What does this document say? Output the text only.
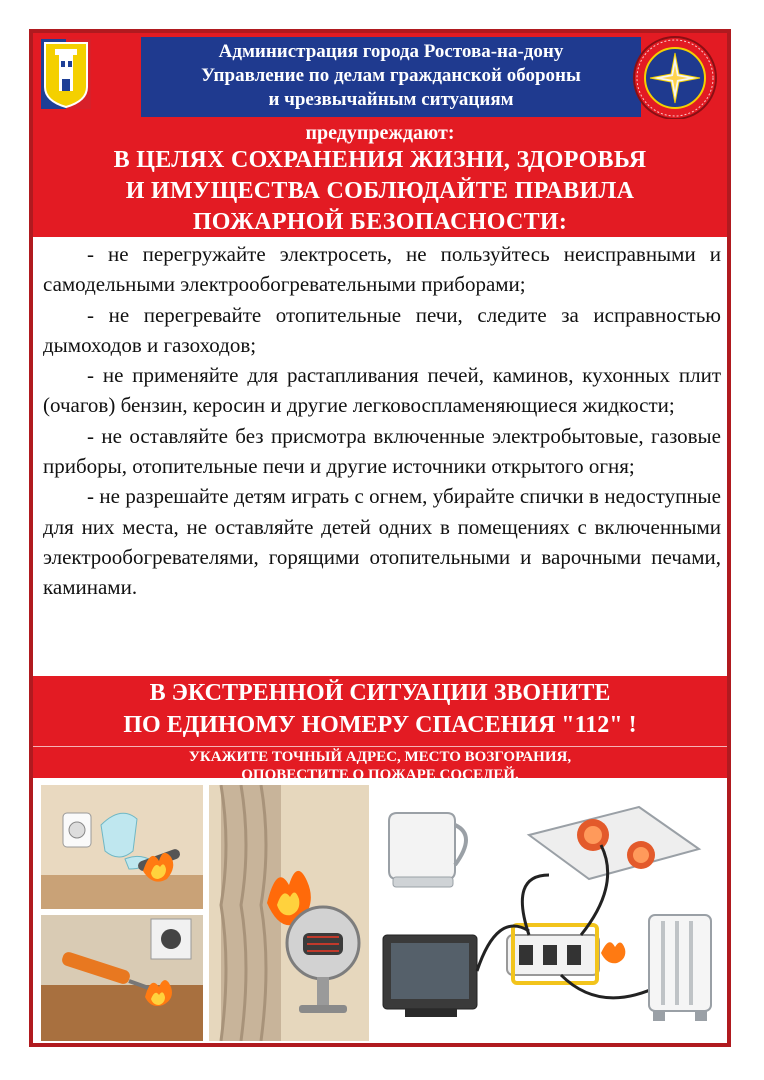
Администрация города Ростова-на-дону
Управление по делам гражданской обороны
и чрезвычайным ситуациям
предупреждают:
В ЦЕЛЯХ СОХРАНЕНИЯ ЖИЗНИ, ЗДОРОВЬЯ
И ИМУЩЕСТВА СОБЛЮДАЙТЕ ПРАВИЛА
ПОЖАРНОЙ БЕЗОПАСНОСТИ:

- не перегружайте электросеть, не пользуйтесь неисправными и самодельными электрообогревательными приборами;

- не перегревайте отопительные печи, следите за исправностью дымоходов и газоходов;

- не применяйте для растапливания печей, каминов, кухонных плит (очагов) бензин, керосин и другие легковоспламеняющиеся жидкости;

- не оставляйте без присмотра включенные электробытовые, газовые приборы, отопительные печи и другие источники открытого огня;

- не разрешайте детям играть с огнем, убирайте спички в недоступные для них места, не оставляйте детей одних в помещениях с включенными электрообогревателями, горящими отопительными и варочными печами, каминами.

В ЭКСТРЕННОЙ СИТУАЦИИ ЗВОНИТЕ
ПО ЕДИНОМУ НОМЕРУ СПАСЕНИЯ "112" !
УКАЖИТЕ ТОЧНЫЙ АДРЕС, МЕСТО ВОЗГОРАНИЯ,
ОПОВЕСТИТЕ О ПОЖАРЕ СОСЕДЕЙ.
